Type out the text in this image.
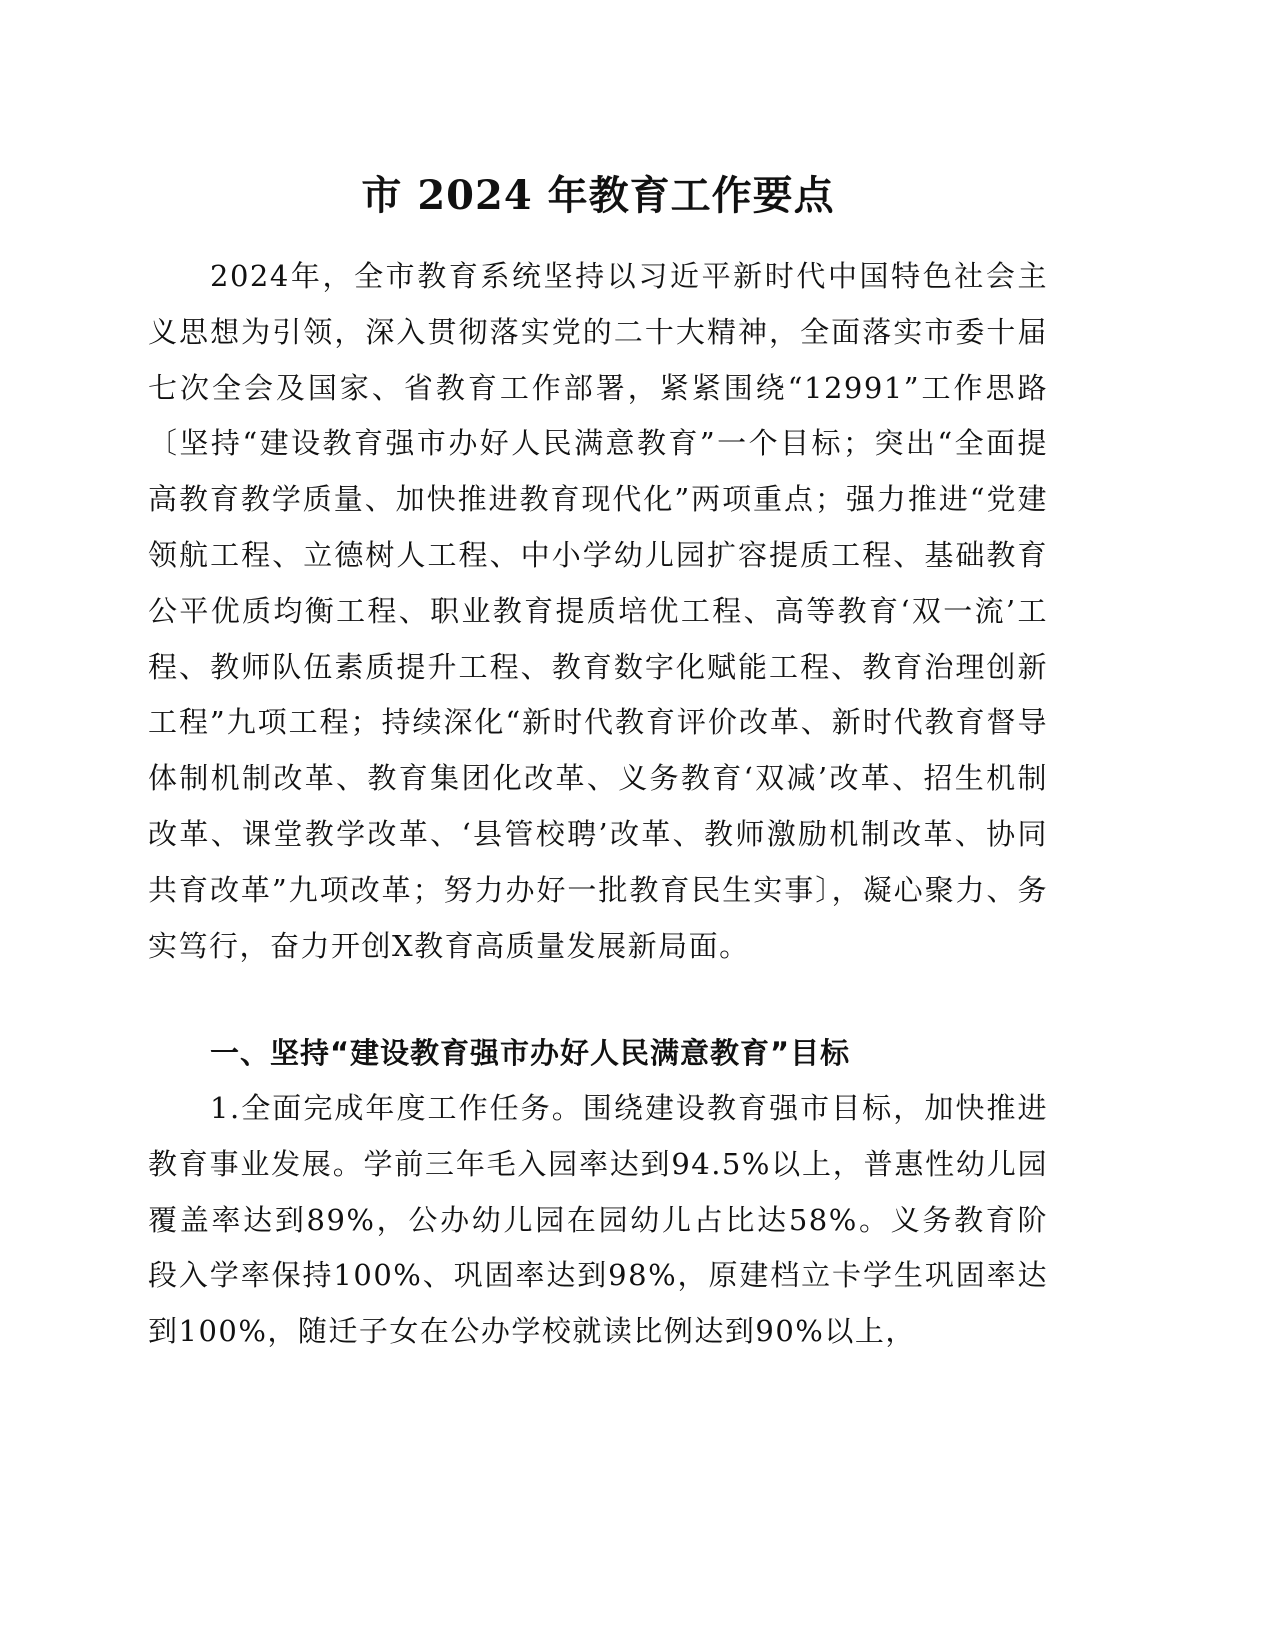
市 2024 年教育工作要点

2024年，全市教育系统坚持以习近平新时代中国特色社会主义思想为引领，深入贯彻落实党的二十大精神，全面落实市委十届七次全会及国家、省教育工作部署，紧紧围绕“12991”工作思路〔坚持“建设教育强市办好人民满意教育”一个目标；突出“全面提高教育教学质量、加快推进教育现代化”两项重点；强力推进“党建领航工程、立德树人工程、中小学幼儿园扩容提质工程、基础教育公平优质均衡工程、职业教育提质培优工程、高等教育‘双一流’工程、教师队伍素质提升工程、教育数字化赋能工程、教育治理创新工程”九项工程；持续深化“新时代教育评价改革、新时代教育督导体制机制改革、教育集团化改革、义务教育‘双减’改革、招生机制改革、课堂教学改革、‘县管校聘’改革、教师激励机制改革、协同共育改革”九项改革；努力办好一批教育民生实事〕，凝心聚力、务实笃行，奋力开创X教育高质量发展新局面。

一、坚持“建设教育强市办好人民满意教育”目标

1.全面完成年度工作任务。围绕建设教育强市目标，加快推进教育事业发展。学前三年毛入园率达到94.5%以上，普惠性幼儿园覆盖率达到89%，公办幼儿园在园幼儿占比达58%。义务教育阶段入学率保持100%、巩固率达到98%，原建档立卡学生巩固率达到100%，随迁子女在公办学校就读比例达到90%以上，
